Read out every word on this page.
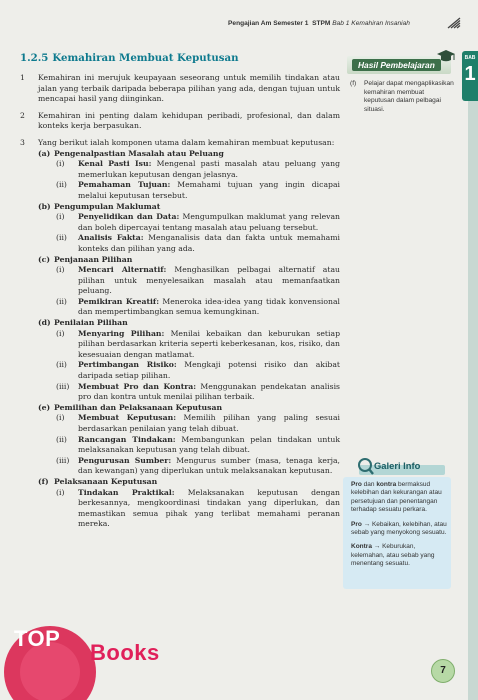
Pengajian Am Semester 1 STPM Bab 1 Kemahiran Insaniah
1.2.5 Kemahiran Membuat Keputusan
1 Kemahiran ini merujuk keupayaan seseorang untuk memilih tindakan atau jalan yang terbaik daripada beberapa pilihan yang ada, dengan tujuan untuk mencapai hasil yang diinginkan.
2 Kemahiran ini penting dalam kehidupan peribadi, profesional, dan dalam konteks kerja berpasukan.
3 Yang berikut ialah komponen utama dalam kemahiran membuat keputusan:
(a) Pengenalpastian Masalah atau Peluang
(i) Kenal Pasti Isu: Mengenal pasti masalah atau peluang yang memerlukan keputusan dengan jelasnya.
(ii) Pemahaman Tujuan: Memahami tujuan yang ingin dicapai melalui keputusan tersebut.
(b) Pengumpulan Maklumat
(i) Penyelidikan dan Data: Mengumpulkan maklumat yang relevan dan boleh dipercayai tentang masalah atau peluang tersebut.
(ii) Analisis Fakta: Menganalisis data dan fakta untuk memahami konteks dan pilihan yang ada.
(c) Penjanaan Pilihan
(i) Mencari Alternatif: Menghasilkan pelbagai alternatif atau pilihan untuk menyelesaikan masalah atau memanfaatkan peluang.
(ii) Pemikiran Kreatif: Meneroka idea-idea yang tidak konvensional dan mempertimbangkan semua kemungkinan.
(d) Penilaian Pilihan
(i) Menyaring Pilihan: Menilai kebaikan dan keburukan setiap pilihan berdasarkan kriteria seperti keberkesanan, kos, risiko, dan kesesuaian dengan matlamat.
(ii) Pertimbangan Risiko: Mengkaji potensi risiko dan akibat daripada setiap pilihan.
(iii) Membuat Pro dan Kontra: Menggunakan pendekatan analisis pro dan kontra untuk menilai pilihan terbaik.
(e) Pemilihan dan Pelaksanaan Keputusan
(i) Membuat Keputusan: Memilih pilihan yang paling sesuai berdasarkan penilaian yang telah dibuat.
(ii) Rancangan Tindakan: Membangunkan pelan tindakan untuk melaksanakan keputusan yang telah dibuat.
(iii) Pengurusan Sumber: Mengurus sumber (masa, tenaga kerja, dan kewangan) yang diperlukan untuk melaksanakan keputusan.
(f) Pelaksanaan Keputusan
(i) Tindakan Praktikal: Melaksanakan keputusan dengan berkesannya, mengkoordinasi tindakan yang diperlukan, dan memastikan semua pihak yang terlibat memahami peranan mereka.
Hasil Pembelajaran
(f)	Pelajar dapat mengaplikasikan kemahiran membuat keputusan dalam pelbagai situasi.
BAB
1
Galeri Info

Pro dan kontra bermaksud kelebihan dan kekurangan atau persetujuan dan penentangan terhadap sesuatu perkara.

Pro → Kebaikan, kelebihan, atau sebab yang menyokong sesuatu.

Kontra → Keburukan, kelemahan, atau sebab yang menentang sesuatu.

7
TOP
Books
